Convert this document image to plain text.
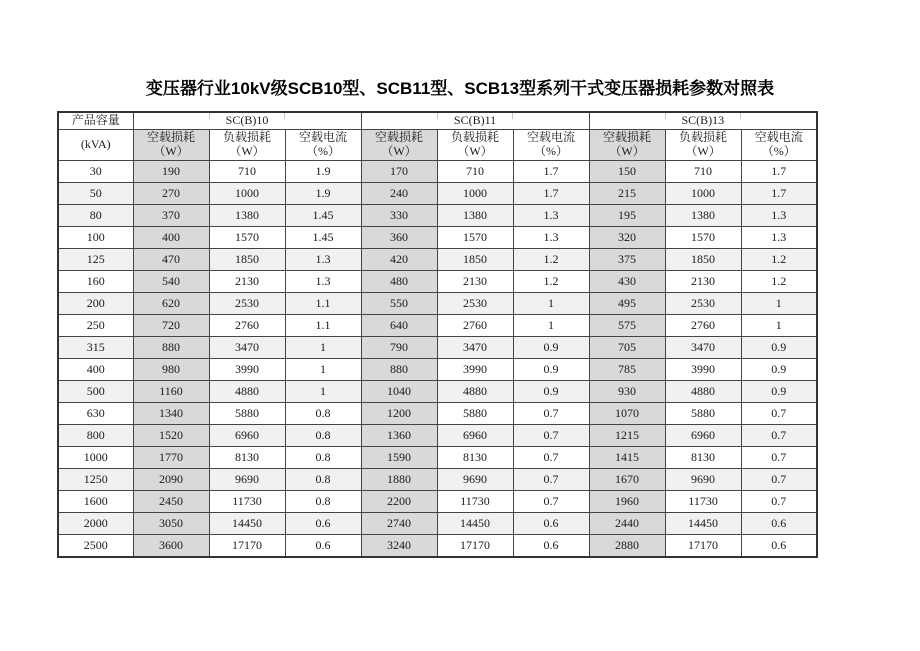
变压器行业10kV级SCB10型、SCB11型、SCB13型系列干式变压器损耗参数对照表
产品容量	SC(B)10			SC(B)11			SC(B)13		
(kVA)	空载损耗（W）	负载损耗（W）	空载电流（%）	空载损耗（W）	负载损耗（W）	空载电流（%）	空载损耗（W）	负载损耗（W）	空载电流（%）
30	190	710	1.9	170	710	1.7	150	710	1.7
50	270	1000	1.9	240	1000	1.7	215	1000	1.7
80	370	1380	1.45	330	1380	1.3	195	1380	1.3
100	400	1570	1.45	360	1570	1.3	320	1570	1.3
125	470	1850	1.3	420	1850	1.2	375	1850	1.2
160	540	2130	1.3	480	2130	1.2	430	2130	1.2
200	620	2530	1.1	550	2530	1	495	2530	1
250	720	2760	1.1	640	2760	1	575	2760	1
315	880	3470	1	790	3470	0.9	705	3470	0.9
400	980	3990	1	880	3990	0.9	785	3990	0.9
500	1160	4880	1	1040	4880	0.9	930	4880	0.9
630	1340	5880	0.8	1200	5880	0.7	1070	5880	0.7
800	1520	6960	0.8	1360	6960	0.7	1215	6960	0.7
1000	1770	8130	0.8	1590	8130	0.7	1415	8130	0.7
1250	2090	9690	0.8	1880	9690	0.7	1670	9690	0.7
1600	2450	11730	0.8	2200	11730	0.7	1960	11730	0.7
2000	3050	14450	0.6	2740	14450	0.6	2440	14450	0.6
2500	3600	17170	0.6	3240	17170	0.6	2880	17170	0.6
